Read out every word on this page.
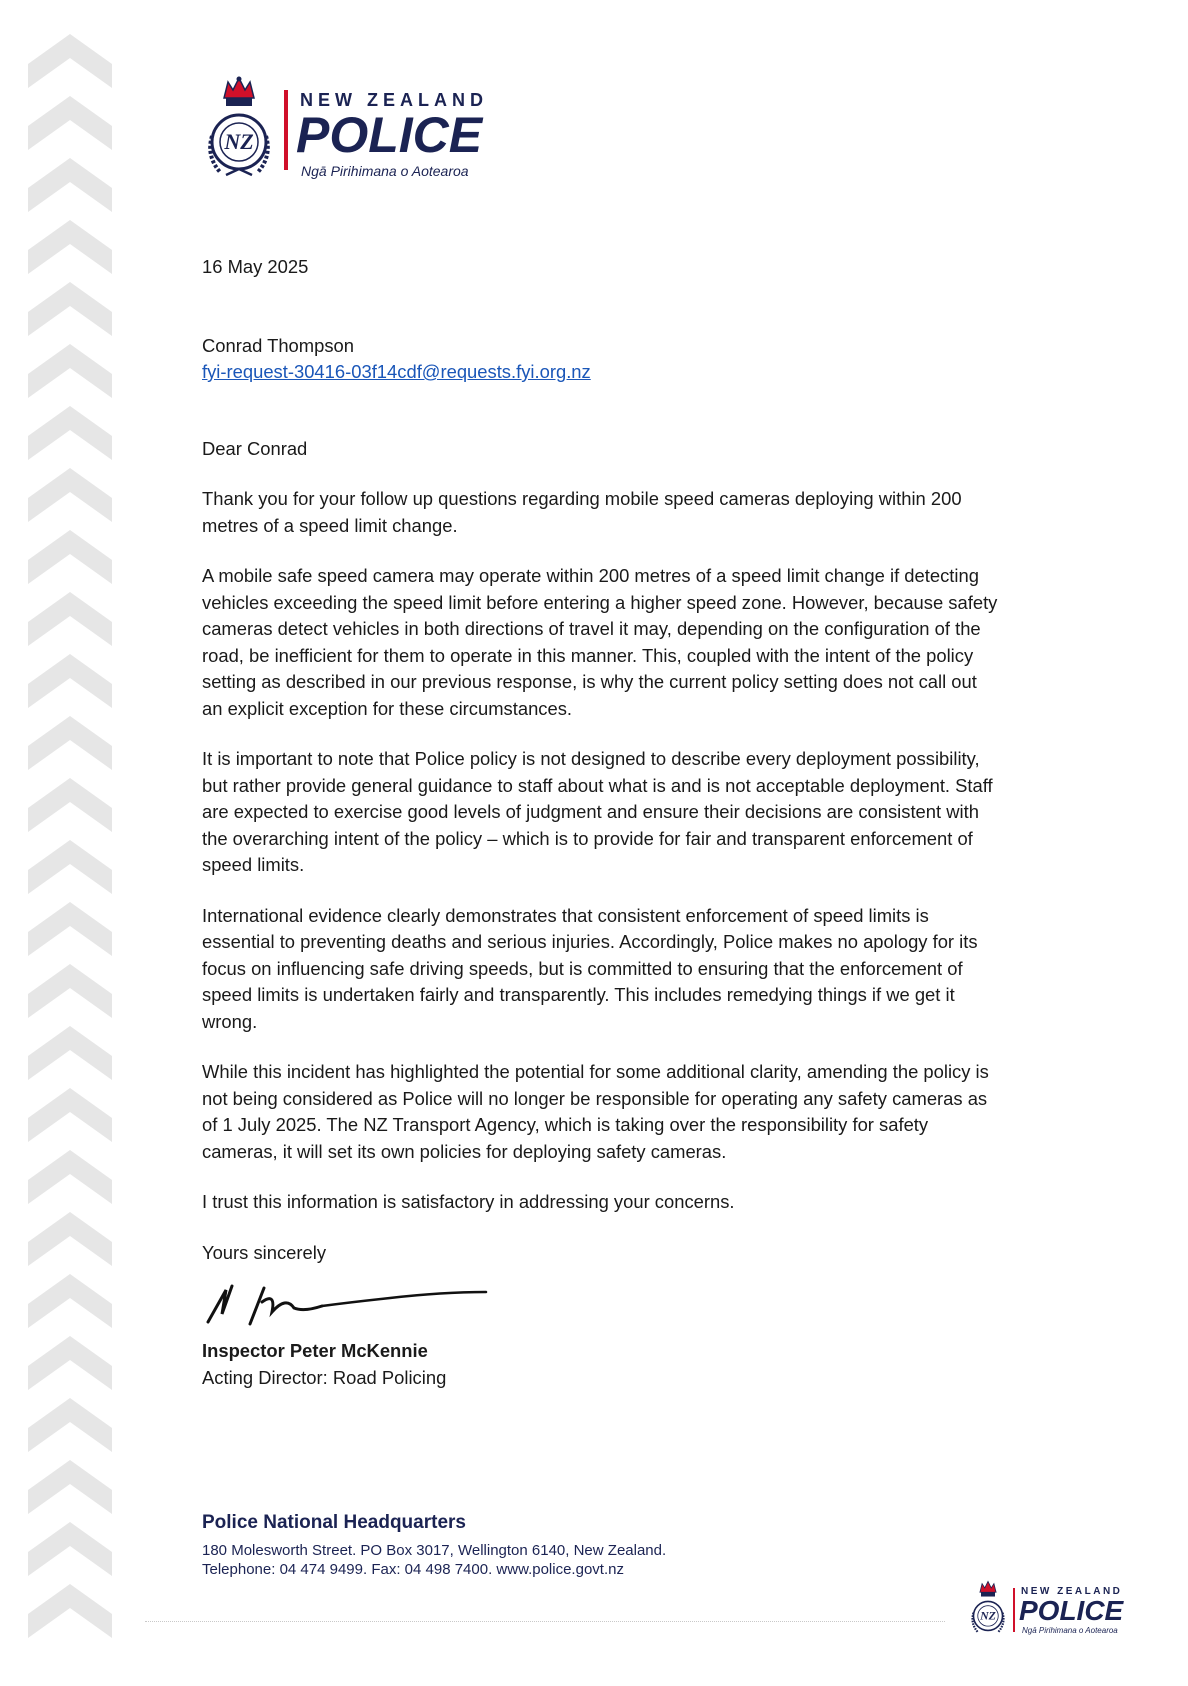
NZ
NEW ZEALAND
POLICE
Ngā Pirihimana o Aotearoa

16 May 2025

Conrad Thompson

fyi-request-30416-03f14cdf@requests.fyi.org.nz

Dear Conrad

Thank you for your follow up questions regarding mobile speed cameras deploying within 200 metres of a speed limit change.

A mobile safe speed camera may operate within 200 metres of a speed limit change if detecting vehicles exceeding the speed limit before entering a higher speed zone. However, because safety cameras detect vehicles in both directions of travel it may, depending on the configuration of the road, be inefficient for them to operate in this manner. This, coupled with the intent of the policy setting as described in our previous response, is why the current policy setting does not call out an explicit exception for these circumstances.

It is important to note that Police policy is not designed to describe every deployment possibility, but rather provide general guidance to staff about what is and is not acceptable deployment. Staff are expected to exercise good levels of judgment and ensure their decisions are consistent with the overarching intent of the policy – which is to provide for fair and transparent enforcement of speed limits.

International evidence clearly demonstrates that consistent enforcement of speed limits is essential to preventing deaths and serious injuries. Accordingly, Police makes no apology for its focus on influencing safe driving speeds, but is committed to ensuring that the enforcement of speed limits is undertaken fairly and transparently. This includes remedying things if we get it wrong.

While this incident has highlighted the potential for some additional clarity, amending the policy is not being considered as Police will no longer be responsible for operating any safety cameras as of 1 July 2025. The NZ Transport Agency, which is taking over the responsibility for safety cameras, it will set its own policies for deploying safety cameras.

I trust this information is satisfactory in addressing your concerns.

Yours sincerely

Inspector Peter McKennie

Acting Director: Road Policing

Police National Headquarters

180 Molesworth Street. PO Box 3017, Wellington 6140, New Zealand.

Telephone: 04 474 9499. Fax: 04 498 7400. www.police.govt.nz

NZ
NEW ZEALAND
POLICE
Ngā Pirihimana o Aotearoa
